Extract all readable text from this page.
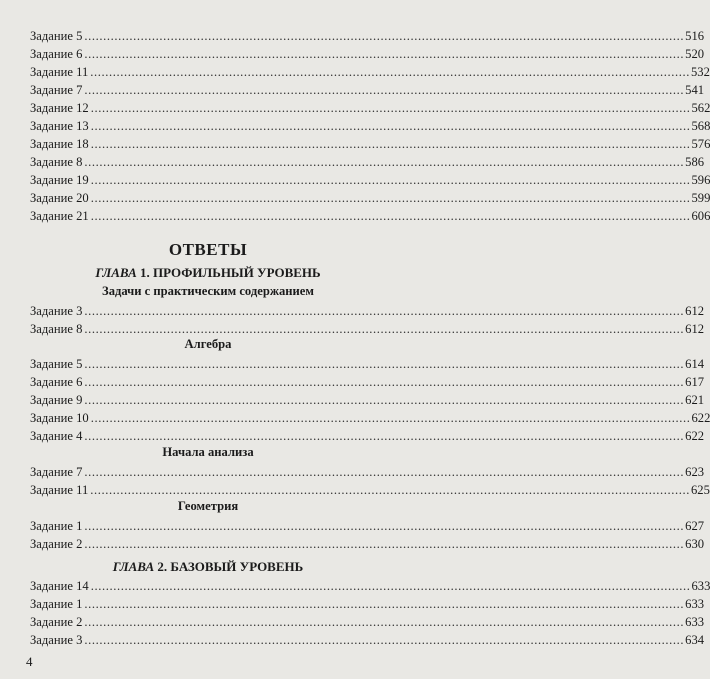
Задание 5 ................................................................................................................................................................ 516
Задание 6 ................................................................................................................................................................ 520
Задание 11 ................................................................................................................................................................ 532
Задание 7 ................................................................................................................................................................ 541
Задание 12 ................................................................................................................................................................ 562
Задание 13 ................................................................................................................................................................ 568
Задание 18 ................................................................................................................................................................ 576
Задание 8 ................................................................................................................................................................ 586
Задание 19 ................................................................................................................................................................ 596
Задание 20 ................................................................................................................................................................ 599
Задание 21 ................................................................................................................................................................ 606
ОТВЕТЫ
ГЛАВА 1. ПРОФИЛЬНЫЙ УРОВЕНЬ
Задачи с практическим содержанием
Задание 3 ................................................................................................................................................................ 612
Задание 8 ................................................................................................................................................................ 612
Алгебра
Задание 5 ................................................................................................................................................................ 614
Задание 6 ................................................................................................................................................................ 617
Задание 9 ................................................................................................................................................................ 621
Задание 10 ................................................................................................................................................................ 622
Задание 4 ................................................................................................................................................................ 622
Начала анализа
Задание 7 ................................................................................................................................................................ 623
Задание 11 ................................................................................................................................................................ 625
Геометрия
Задание 1 ................................................................................................................................................................ 627
Задание 2 ................................................................................................................................................................ 630
ГЛАВА 2. БАЗОВЫЙ УРОВЕНЬ
Задание 14 ................................................................................................................................................................ 633
Задание 1 ................................................................................................................................................................ 633
Задание 2 ................................................................................................................................................................ 633
Задание 3 ................................................................................................................................................................ 634
4
